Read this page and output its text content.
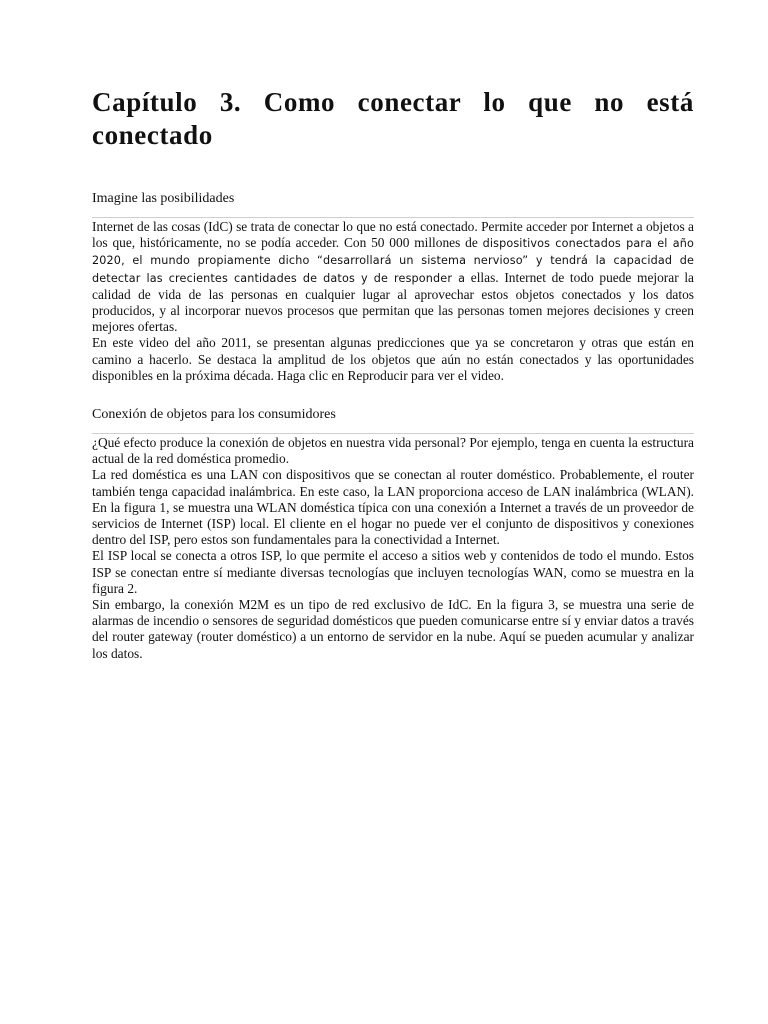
Capítulo 3. Como conectar lo que no está conectado
Imagine las posibilidades

Internet de las cosas (IdC) se trata de conectar lo que no está conectado. Permite acceder por Internet a objetos a los que, históricamente, no se podía acceder. Con 50 000 millones de dispositivos conectados para el año 2020, el mundo propiamente dicho “desarrollará un sistema nervioso” y tendrá la capacidad de detectar las crecientes cantidades de datos y de responder a ellas. Internet de todo puede mejorar la calidad de vida de las personas en cualquier lugar al aprovechar estos objetos conectados y los datos producidos, y al incorporar nuevos procesos que permitan que las personas tomen mejores decisiones y creen mejores ofertas.

En este video del año 2011, se presentan algunas predicciones que ya se concretaron y otras que están en camino a hacerlo. Se destaca la amplitud de los objetos que aún no están conectados y las oportunidades disponibles en la próxima década. Haga clic en Reproducir para ver el video.

Conexión de objetos para los consumidores

¿Qué efecto produce la conexión de objetos en nuestra vida personal? Por ejemplo, tenga en cuenta la estructura actual de la red doméstica promedio.

La red doméstica es una LAN con dispositivos que se conectan al router doméstico. Probablemente, el router también tenga capacidad inalámbrica. En este caso, la LAN proporciona acceso de LAN inalámbrica (WLAN). En la figura 1, se muestra una WLAN doméstica típica con una conexión a Internet a través de un proveedor de servicios de Internet (ISP) local. El cliente en el hogar no puede ver el conjunto de dispositivos y conexiones dentro del ISP, pero estos son fundamentales para la conectividad a Internet.

El ISP local se conecta a otros ISP, lo que permite el acceso a sitios web y contenidos de todo el mundo. Estos ISP se conectan entre sí mediante diversas tecnologías que incluyen tecnologías WAN, como se muestra en la figura 2.

Sin embargo, la conexión M2M es un tipo de red exclusivo de IdC. En la figura 3, se muestra una serie de alarmas de incendio o sensores de seguridad domésticos que pueden comunicarse entre sí y enviar datos a través del router gateway (router doméstico) a un entorno de servidor en la nube. Aquí se pueden acumular y analizar los datos.
